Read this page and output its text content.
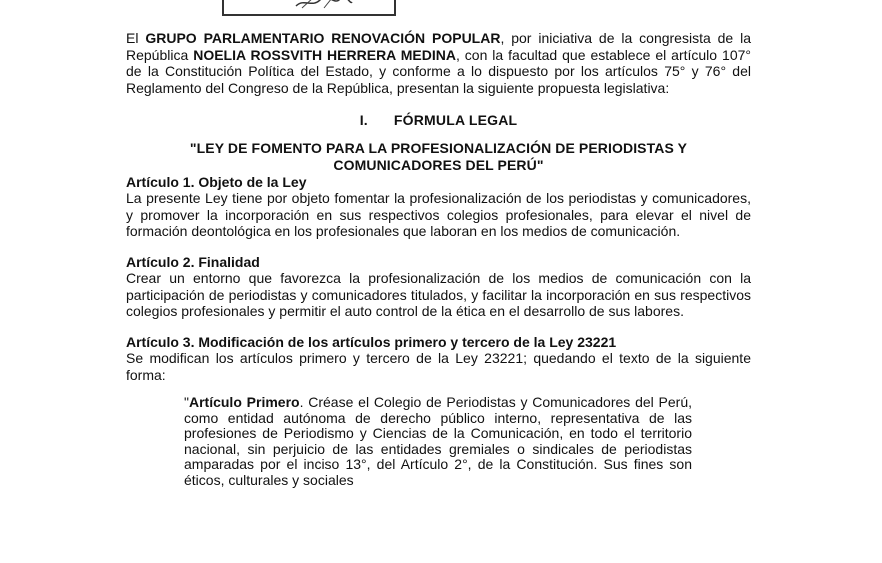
El GRUPO PARLAMENTARIO RENOVACIÓN POPULAR, por iniciativa de la congresista de la República NOELIA ROSSVITH HERRERA MEDINA, con la facultad que establece el artículo 107° de la Constitución Política del Estado, y conforme a lo dispuesto por los artículos 75° y 76° del Reglamento del Congreso de la República, presentan la siguiente propuesta legislativa:

I. FÓRMULA LEGAL

"LEY DE FOMENTO PARA LA PROFESIONALIZACIÓN DE PERIODISTAS Y
COMUNICADORES DEL PERÚ"

Artículo 1. Objeto de la Ley

La presente Ley tiene por objeto fomentar la profesionalización de los periodistas y comunicadores, y promover la incorporación en sus respectivos colegios profesionales, para elevar el nivel de formación deontológica en los profesionales que laboran en los medios de comunicación.

Artículo 2. Finalidad

Crear un entorno que favorezca la profesionalización de los medios de comunicación con la participación de periodistas y comunicadores titulados, y facilitar la incorporación en sus respectivos colegios profesionales y permitir el auto control de la ética en el desarrollo de sus labores.

Artículo 3. Modificación de los artículos primero y tercero de la Ley 23221

Se modifican los artículos primero y tercero de la Ley 23221; quedando el texto de la siguiente forma:

"Artículo Primero. Créase el Colegio de Periodistas y Comunicadores del Perú, como entidad autónoma de derecho público interno, representativa de las profesiones de Periodismo y Ciencias de la Comunicación, en todo el territorio nacional, sin perjuicio de las entidades gremiales o sindicales de periodistas amparadas por el inciso 13°, del Artículo 2°, de la Constitución. Sus fines son éticos, culturales y sociales
